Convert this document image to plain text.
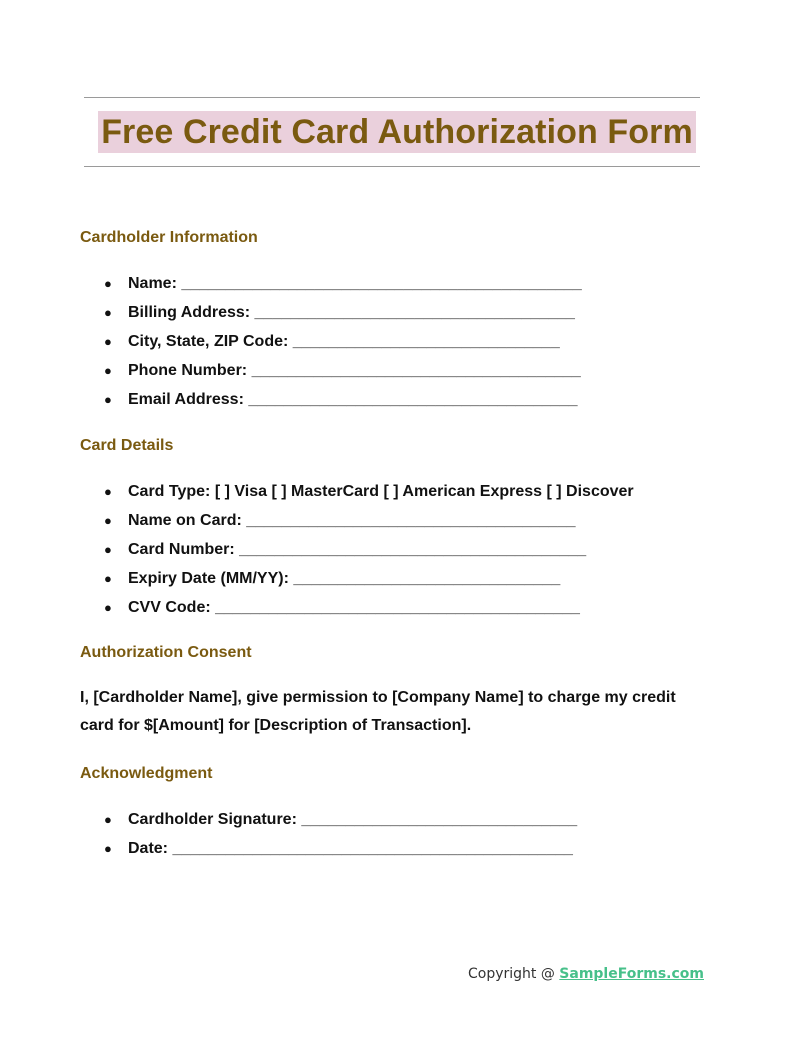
Free Credit Card Authorization Form
Cardholder Information
● Name: _____________________________________________
● Billing Address: ____________________________________
● City, State, ZIP Code: ______________________________
● Phone Number: _____________________________________
● Email Address: _____________________________________
Card Details
● Card Type: [ ] Visa [ ] MasterCard [ ] American Express [ ] Discover
● Name on Card: _____________________________________
● Card Number: _______________________________________
● Expiry Date (MM/YY): ______________________________
● CVV Code: _________________________________________
Authorization Consent

I, [Cardholder Name], give permission to [Company Name] to charge my credit card for $[Amount] for [Description of Transaction].

Acknowledgment
● Cardholder Signature: _______________________________
● Date: _____________________________________________
Copyright @ SampleForms.com
